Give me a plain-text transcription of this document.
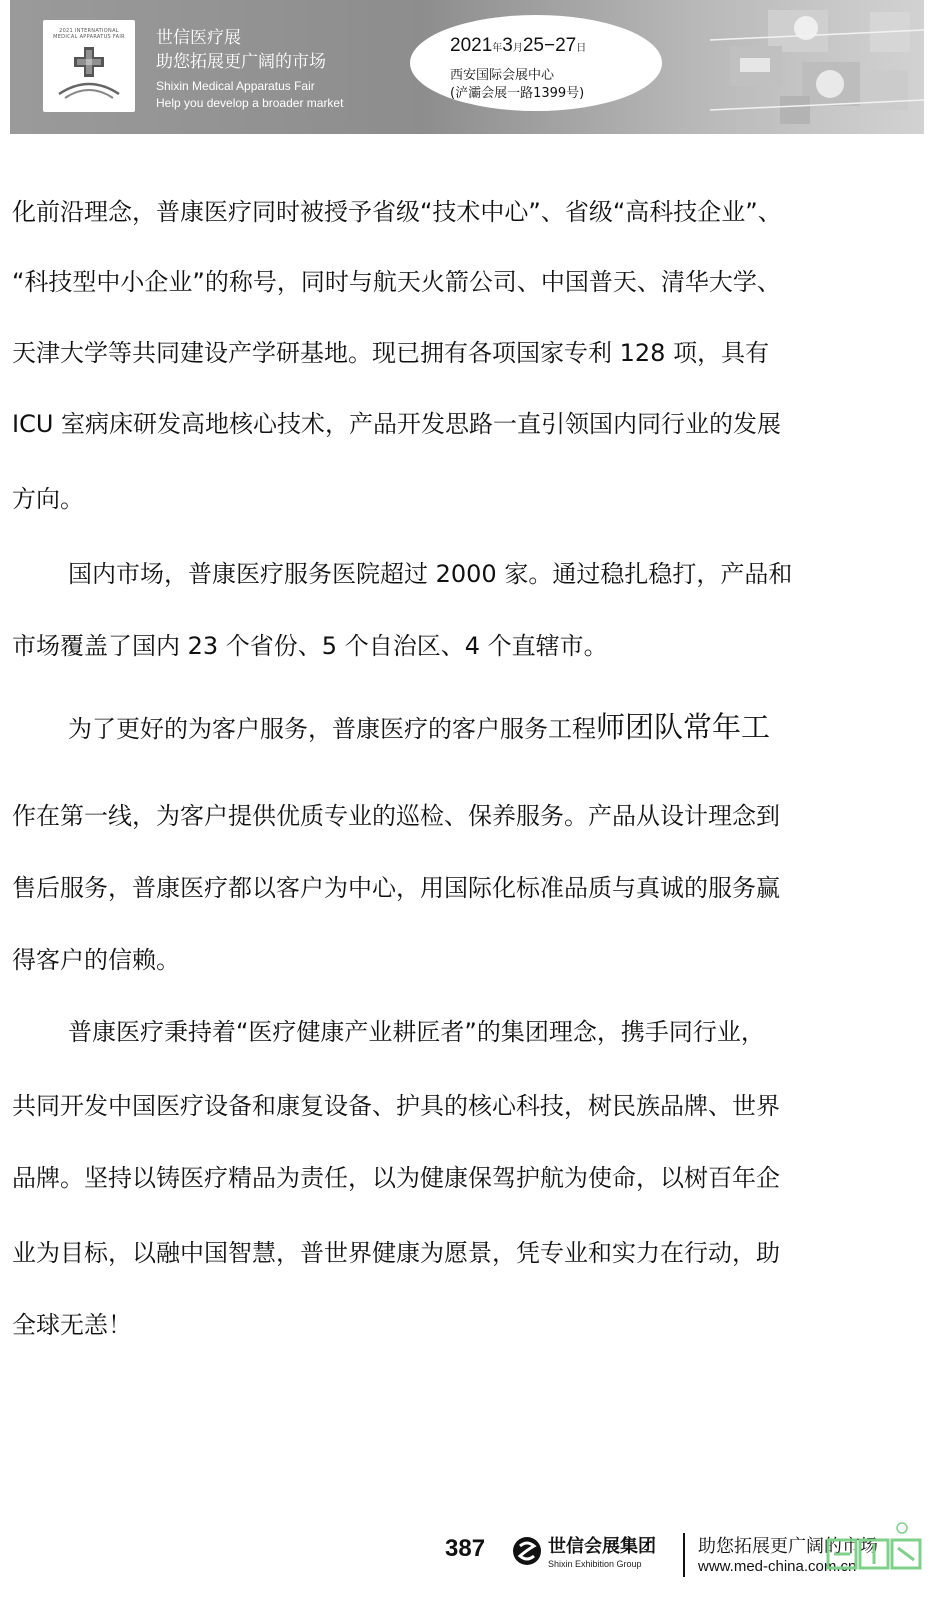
2021 INTERNATIONAL MEDICAL APPARATUS FAIR 世信医疗展
助您拓展更广阔的市场
Shixin Medical Apparatus Fair
Help you develop a broader market
2021年3月25−27日
西安国际会展中心
(浐灞会展一路1399号)
化前沿理念，普康医疗同时被授予省级“技术中心”、省级“高科技企业”、
“科技型中小企业”的称号，同时与航天火箭公司、中国普天、清华大学、
天津大学等共同建设产学研基地。现已拥有各项国家专利 128 项，具有
ICU 室病床研发高地核心技术，产品开发思路一直引领国内同行业的发展
方向。
国内市场，普康医疗服务医院超过 2000 家。通过稳扎稳打，产品和
市场覆盖了国内 23 个省份、5 个自治区、4 个直辖市。
为了更好的为客户服务，普康医疗的客户服务工程师团队常年工
作在第一线，为客户提供优质专业的巡检、保养服务。产品从设计理念到
售后服务，普康医疗都以客户为中心，用国际化标准品质与真诚的服务赢
得客户的信赖。
普康医疗秉持着“医疗健康产业耕匠者”的集团理念，携手同行业，
共同开发中国医疗设备和康复设备、护具的核心科技，树民族品牌、世界
品牌。坚持以铸医疗精品为责任，以为健康保驾护航为使命，以树百年企
业为目标，以融中国智慧，普世界健康为愿景，凭专业和实力在行动，助
全球无恙！
387	世信会展集团
Shixin Exhibition Group
助您拓展更广阔的市场
www.med-china.com.cn
